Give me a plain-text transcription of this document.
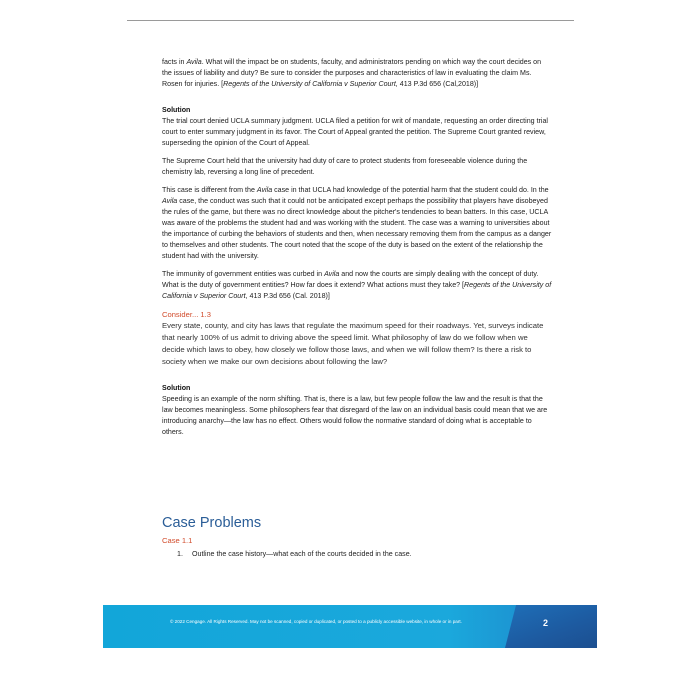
facts in Avila. What will the impact be on students, faculty, and administrators pending on which way the court decides on the issues of liability and duty? Be sure to consider the purposes and characteristics of law in evaluating the claim Ms. Rosen for injuries. [Regents of the University of California v Superior Court, 413 P.3d 656 (Cal,2018)]

Solution

The trial court denied UCLA summary judgment. UCLA filed a petition for writ of mandate, requesting an order directing trial court to enter summary judgment in its favor. The Court of Appeal granted the petition. The Supreme Court granted review, superseding the opinion of the Court of Appeal.

The Supreme Court held that the university had duty of care to protect students from foreseeable violence during the chemistry lab, reversing a long line of precedent.

This case is different from the Avila case in that UCLA had knowledge of the potential harm that the student could do. In the Avila case, the conduct was such that it could not be anticipated except perhaps the possibility that players have disobeyed the rules of the game, but there was no direct knowledge about the pitcher's tendencies to bean batters. In this case, UCLA was aware of the problems the student had and was working with the student. The case was a warning to universities about the importance of curbing the behaviors of students and then, when necessary removing them from the campus as a danger to themselves and other students. The court noted that the scope of the duty is based on the extent of the relationship the student had with the university.

The immunity of government entities was curbed in Avila and now the courts are simply dealing with the concept of duty. What is the duty of government entities? How far does it extend? What actions must they take? [Regents of the University of California v Superior Court, 413 P.3d 656 (Cal. 2018)]

Consider... 1.3

Every state, county, and city has laws that regulate the maximum speed for their roadways. Yet, surveys indicate that nearly 100% of us admit to driving above the speed limit. What philosophy of law do we follow when we decide which laws to obey, how closely we follow those laws, and when we will follow them? Is there a risk to society when we make our own decisions about following the law?

Solution

Speeding is an example of the norm shifting. That is, there is a law, but few people follow the law and the result is that the law becomes meaningless. Some philosophers fear that disregard of the law on an individual basis could mean that we are introducing anarchy—the law has no effect. Others would follow the normative standard of doing what is acceptable to others.

Case Problems
Case 1.1
1. Outline the case history—what each of the courts decided in the case.
© 2022 Cengage. All Rights Reserved. May not be scanned, copied or duplicated, or posted to a publicly accessible website, in whole or in part.	2
